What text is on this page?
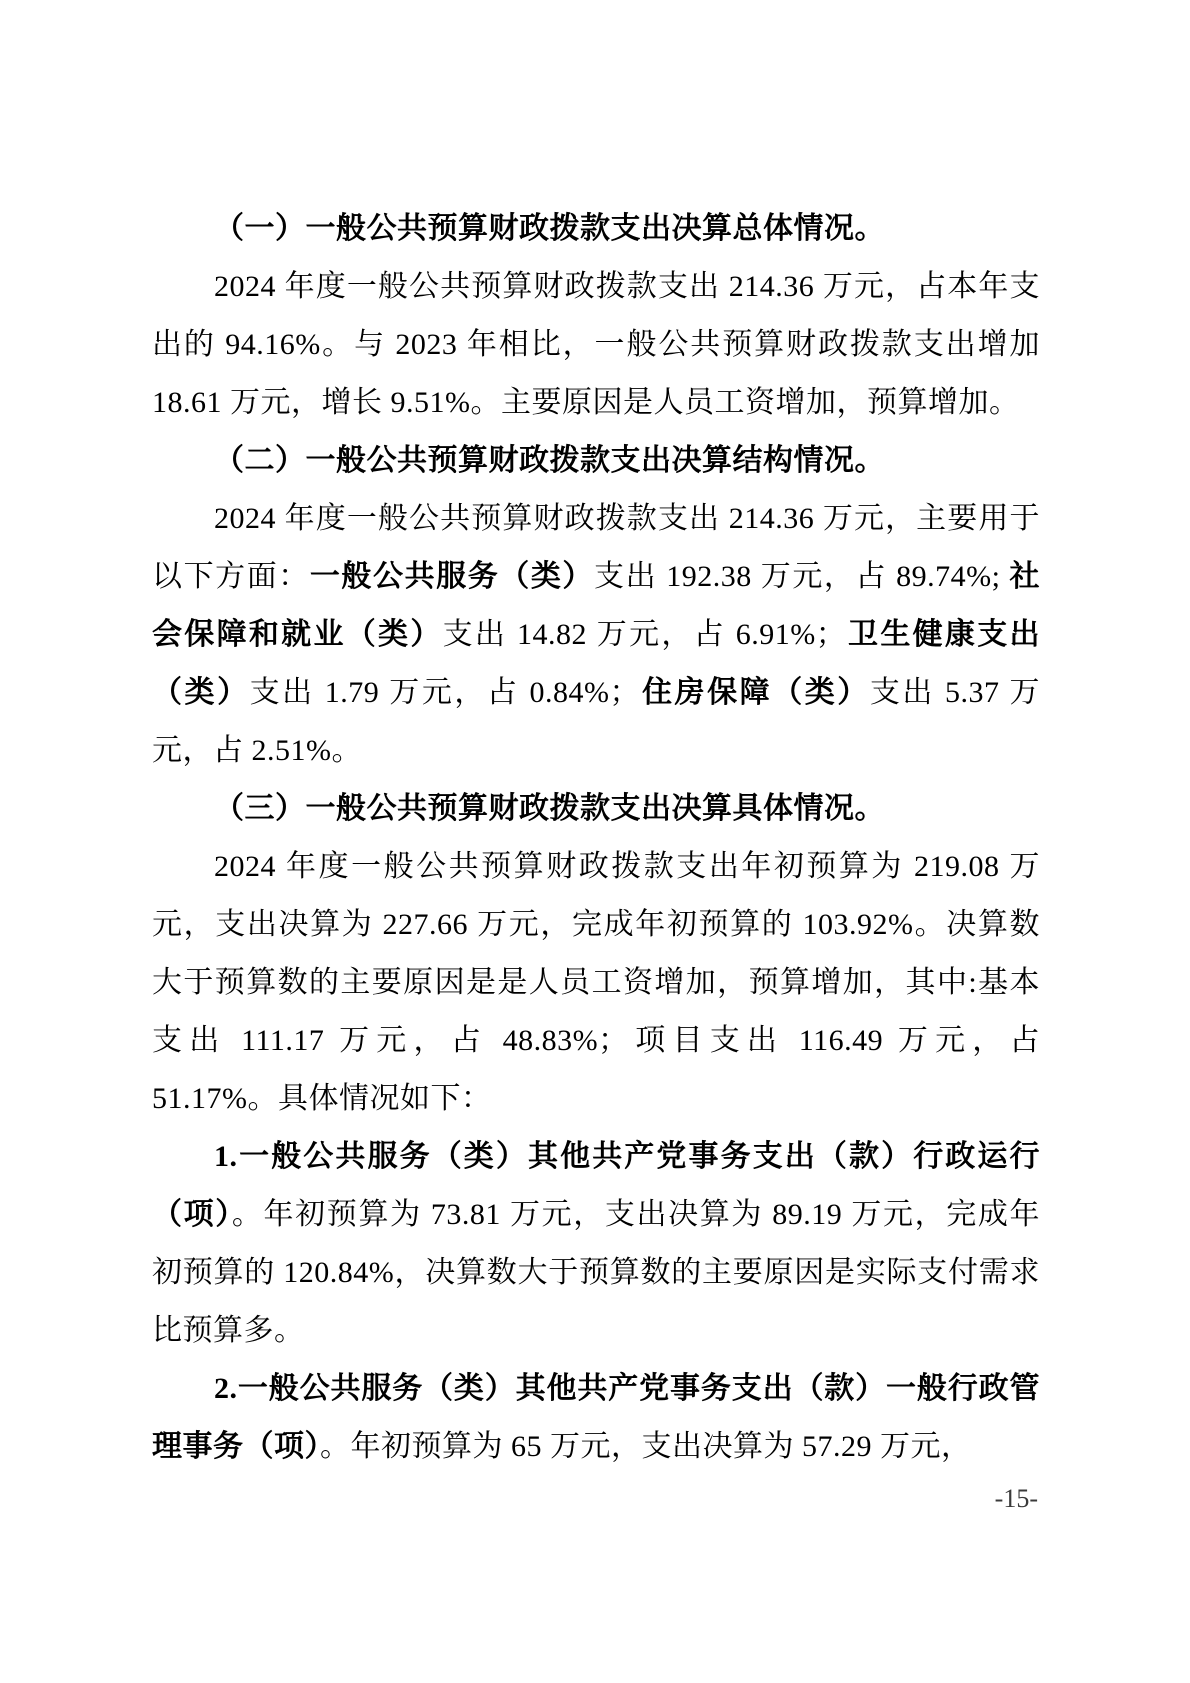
（一）一般公共预算财政拨款支出决算总体情况。

2024 年度一般公共预算财政拨款支出 214.36 万元，占本年支出的 94.16%。与 2023 年相比，一般公共预算财政拨款支出增加 18.61 万元，增长 9.51%。主要原因是人员工资增加，预算增加。

（二）一般公共预算财政拨款支出决算结构情况。

2024 年度一般公共预算财政拨款支出 214.36 万元，主要用于以下方面：一般公共服务（类）支出 192.38 万元，占 89.74%; 社会保障和就业（类）支出 14.82 万元，占 6.91%；卫生健康支出（类）支出 1.79 万元，占 0.84%；住房保障（类）支出 5.37 万元，占 2.51%。

（三）一般公共预算财政拨款支出决算具体情况。

2024 年度一般公共预算财政拨款支出年初预算为 219.08 万元，支出决算为 227.66 万元，完成年初预算的 103.92%。决算数大于预算数的主要原因是是人员工资增加，预算增加，其中:基本支出 111.17 万元，占 48.83%；项目支出 116.49 万元，占 51.17%。具体情况如下：

1.一般公共服务（类）其他共产党事务支出（款）行政运行（项）。年初预算为 73.81 万元，支出决算为 89.19 万元，完成年初预算的 120.84%，决算数大于预算数的主要原因是实际支付需求比预算多。

2.一般公共服务（类）其他共产党事务支出（款）一般行政管理事务（项）。年初预算为 65 万元，支出决算为 57.29 万元，

-15-
